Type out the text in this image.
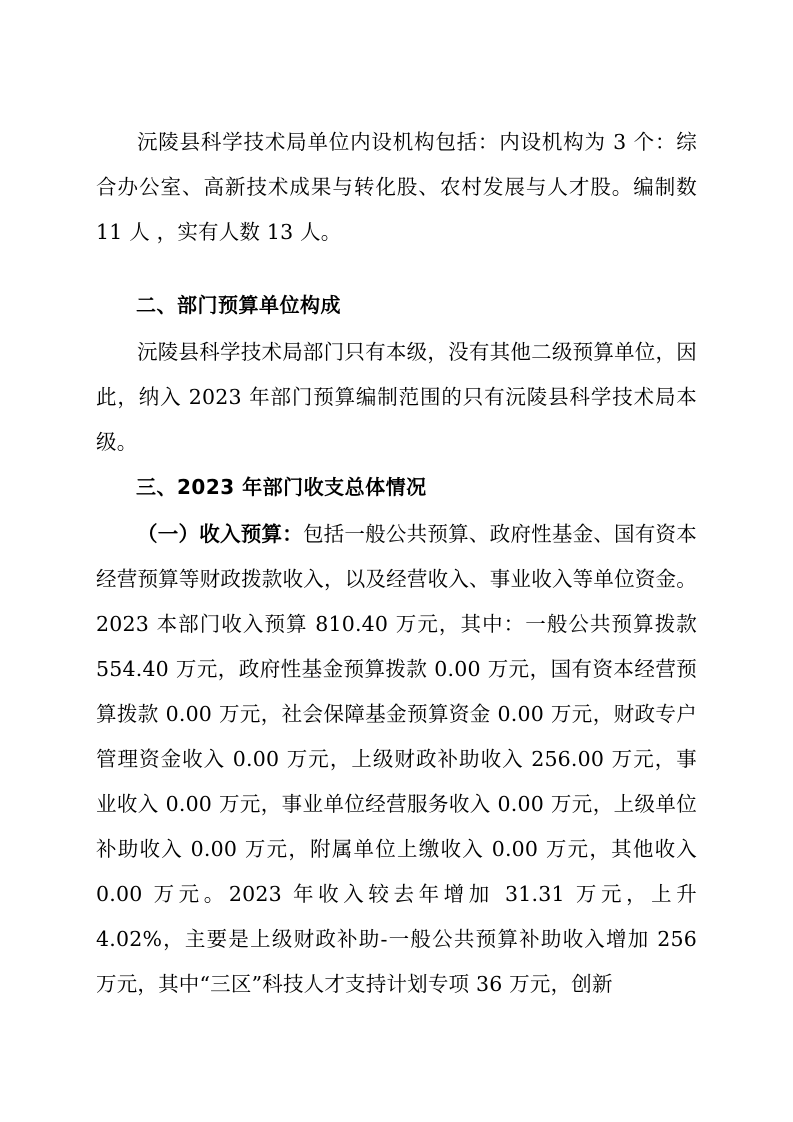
沅陵县科学技术局单位内设机构包括：内设机构为 3 个：综合办公室、高新技术成果与转化股、农村发展与人才股。编制数 11 人 ，实有人数 13 人。

二、部门预算单位构成

沅陵县科学技术局部门只有本级，没有其他二级预算单位，因此，纳入 2023 年部门预算编制范围的只有沅陵县科学技术局本级。

三、2023 年部门收支总体情况

（一）收入预算：包括一般公共预算、政府性基金、国有资本经营预算等财政拨款收入，以及经营收入、事业收入等单位资金。2023 本部门收入预算 810.40 万元，其中：一般公共预算拨款 554.40 万元，政府性基金预算拨款 0.00 万元，国有资本经营预算拨款 0.00 万元，社会保障基金预算资金 0.00 万元，财政专户管理资金收入 0.00 万元，上级财政补助收入 256.00 万元，事业收入 0.00 万元，事业单位经营服务收入 0.00 万元，上级单位补助收入 0.00 万元，附属单位上缴收入 0.00 万元，其他收入 0.00 万元。2023 年收入较去年增加 31.31 万元，上升 4.02%，主要是上级财政补助-一般公共预算补助收入增加 256 万元，其中“三区”科技人才支持计划专项 36 万元，创新
